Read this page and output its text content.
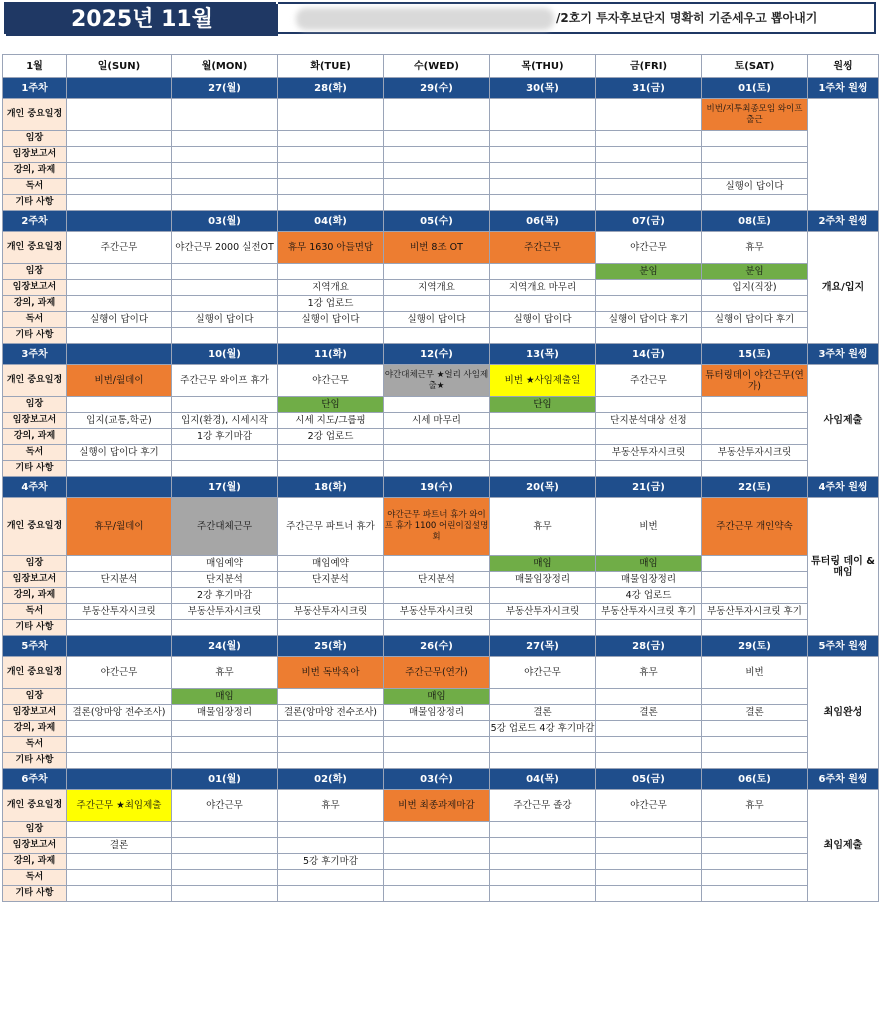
2025년 11월	/2호기 투자후보단지 명확히 기준세우고 뽑아내기
1월	일(SUN)	월(MON)	화(TUE)	수(WED)	목(THU)	금(FRI)	토(SAT)	원씽
1주차		27(월)	28(화)	29(수)	30(목)	31(금)	01(토)	1주차 원씽
개인 중요일정							비번/지투최종모임 와이프 출근	
임장								
임장보고서								
강의, 과제								
독서							실행이 답이다	
기타 사항								
2주차		03(월)	04(화)	05(수)	06(목)	07(금)	08(토)	2주차 원씽
개인 중요일정	주간근무	야간근무 2000 실전OT	휴무 1630 아들면담	비번 8조 OT	주간근무	야간근무	휴무	개요/입지
임장						분임	분임	
임장보고서			지역개요	지역개요	지역개요 마무리		입지(직장)	
강의, 과제			1강 업로드					
독서	실행이 답이다	실행이 답이다	실행이 답이다	실행이 답이다	실행이 답이다	실행이 답이다 후기	실행이 답이다 후기	
기타 사항								
3주차		10(월)	11(화)	12(수)	13(목)	14(금)	15(토)	3주차 원씽
개인 중요일정	비번/월데이	주간근무 와이프 휴가	야간근무	야간대체근무 ★얼리 사임제출★	비번 ★사임제출일	주간근무	튜터링데이 야간근무(연가)	사임제출
임장			단임		단임			
임장보고서	입지(교통,학군)	입지(환경), 시세시작	시세 지도/그룹핑	시세 마무리		단지분석대상 선정		
강의, 과제		1강 후기마감	2강 업로드					
독서	실행이 답이다 후기					부동산투자시크릿	부동산투자시크릿	
기타 사항								
4주차		17(월)	18(화)	19(수)	20(목)	21(금)	22(토)	4주차 원씽
개인 중요일정	휴무/월데이	주간대체근무	주간근무 파트너 휴가	야간근무 파트너 휴가 와이프 휴가 1100 어린이집설명회	휴무	비번	주간근무 개인약속	튜터링 데이 &매임
임장		매임예약	매임예약		매임	매임		
임장보고서	단지분석	단지분석	단지분석	단지분석	매물임장정리	매물임장정리		
강의, 과제		2강 후기마감				4강 업로드		
독서	부동산투자시크릿	부동산투자시크릿	부동산투자시크릿	부동산투자시크릿	부동산투자시크릿	부동산투자시크릿 후기	부동산투자시크릿 후기	
기타 사항								
5주차		24(월)	25(화)	26(수)	27(목)	28(금)	29(토)	5주차 원씽
개인 중요일정	야간근무	휴무	비번 독박육아	주간근무(연가)	야간근무	휴무	비번	최임완성
임장		매임		매임				
임장보고서	결론(앙마앙 전수조사)	매물임장정리	결론(앙마앙 전수조사)	매물임장정리	결론	결론	결론	
강의, 과제					5강 업로드 4강 후기마감			
독서								
기타 사항								
6주차		01(월)	02(화)	03(수)	04(목)	05(금)	06(토)	6주차 원씽
개인 중요일정	주간근무 ★최임제출	야간근무	휴무	비번 최종과제마감	주간근무 졸강	야간근무	휴무	최임제출
임장								
임장보고서	결론							
강의, 과제			5강 후기마감					
독서								
기타 사항								
